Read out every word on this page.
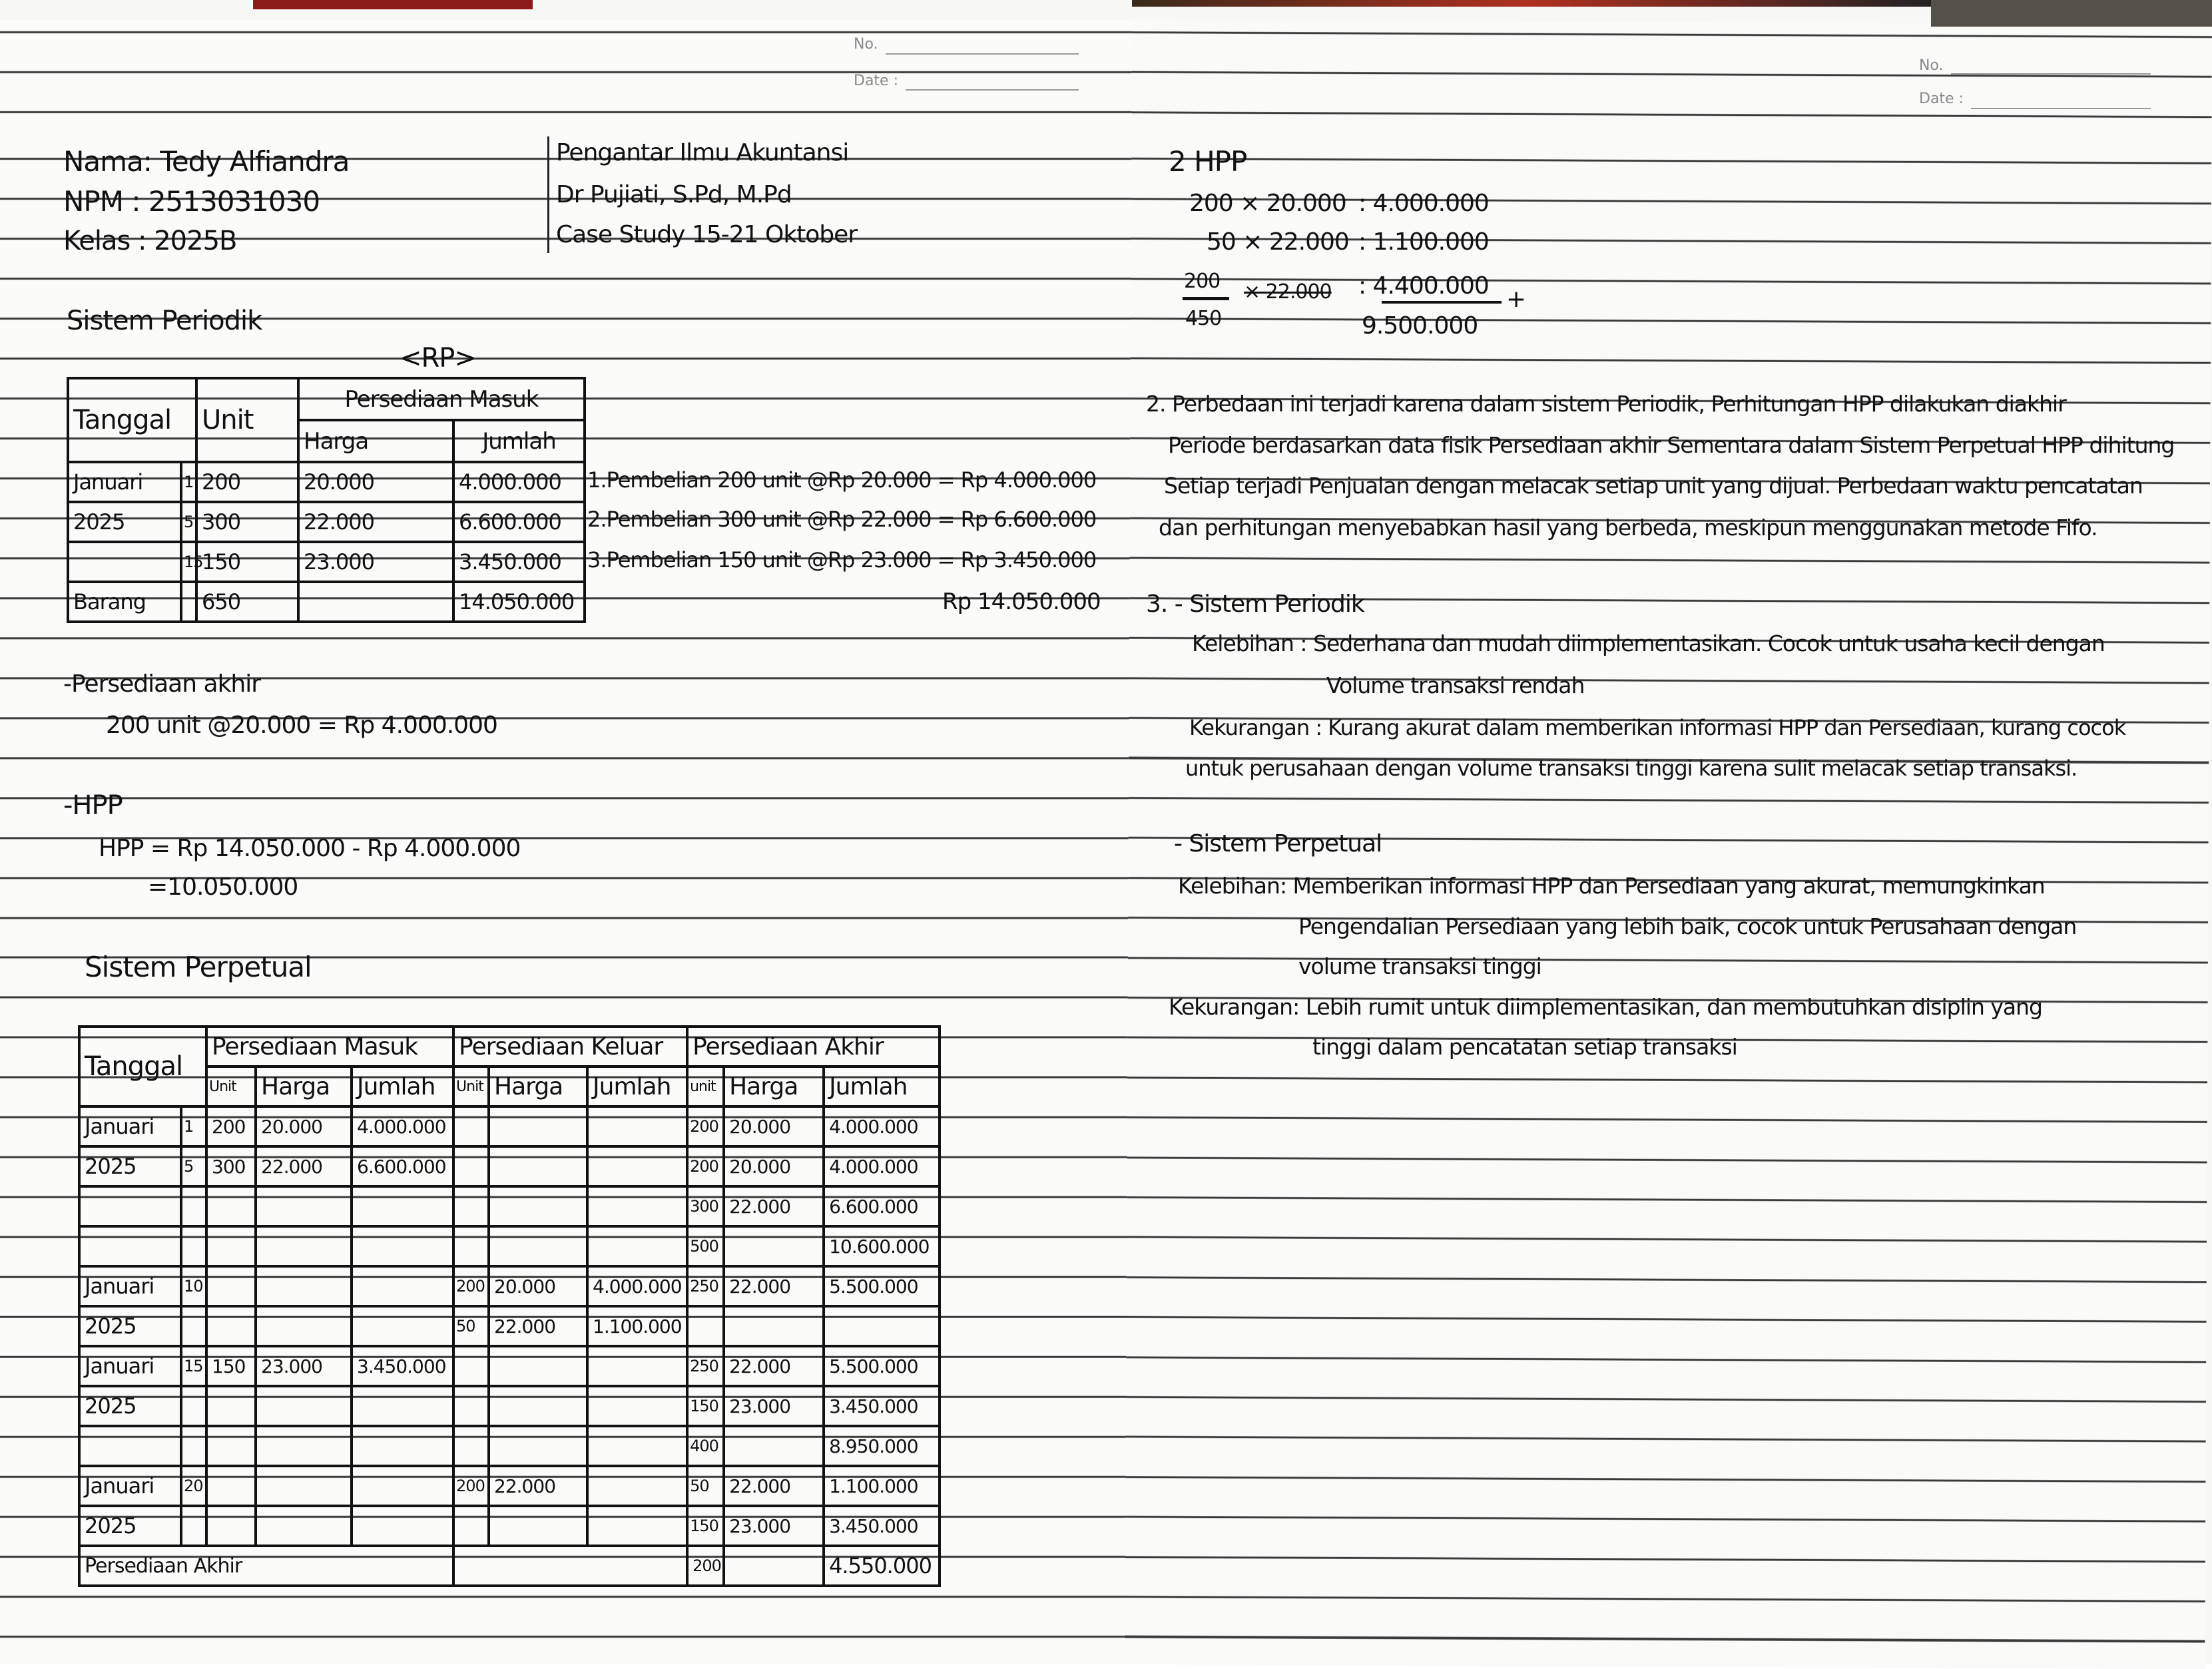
No.
Date :
Nama: Tedy Alfiandra
NPM : 2513031030
Kelas : 2025B
Pengantar Ilmu Akuntansi
Dr Pujiati, S.Pd, M.Pd
Case Study 15-21 Oktober
Sistem Periodik
<RP>
Tanggal		Unit	Persediaan Masuk	
			Harga	Jumlah
Januari	1	200	20.000	4.000.000
2025	5	300	22.000	6.600.000
	15	150	23.000	3.450.000
Barang		650		14.050.000
1.Pembelian 200 unit @Rp 20.000 = Rp 4.000.000
2.Pembelian 300 unit @Rp 22.000 = Rp 6.600.000
3.Pembelian 150 unit @Rp 23.000 = Rp 3.450.000
Rp 14.050.000
-Persediaan akhir
200 unit @20.000 = Rp 4.000.000
-HPP
HPP = Rp 14.050.000 - Rp 4.000.000
=10.050.000
Sistem Perpetual
Tanggal		Persediaan Masuk			Persediaan Keluar			Persediaan Akhir		
		Unit	Harga	Jumlah	Unit	Harga	Jumlah	unit	Harga	Jumlah
Januari	1	200	20.000	4.000.000				200	20.000	4.000.000
2025	5	300	22.000	6.600.000				200	20.000	4.000.000
								300	22.000	6.600.000
								500		10.600.000
Januari	10				200	20.000	4.000.000	250	22.000	5.500.000
2025					50	22.000	1.100.000			
Januari	15	150	23.000	3.450.000				250	22.000	5.500.000
2025								150	23.000	3.450.000
								400		8.950.000
Januari	20				200	22.000		50	22.000	1.100.000
2025								150	23.000	3.450.000
Persediaan Akhir								200		4.550.000
No.
Date :
2 HPP
200 × 20.000 : 4.000.000
50 × 22.000 : 1.100.000
200
450
× 22.000 : 4.400.000 +
9.500.000
2. Perbedaan ini terjadi karena dalam sistem Periodik, Perhitungan HPP dilakukan diakhir
Periode berdasarkan data fisik Persediaan akhir Sementara dalam Sistem Perpetual HPP dihitung
Setiap terjadi Penjualan dengan melacak setiap unit yang dijual. Perbedaan waktu pencatatan
dan perhitungan menyebabkan hasil yang berbeda, meskipun menggunakan metode Fifo.
3. - Sistem Periodik
Kelebihan : Sederhana dan mudah diimplementasikan. Cocok untuk usaha kecil dengan
Volume transaksi rendah
Kekurangan : Kurang akurat dalam memberikan informasi HPP dan Persediaan, kurang cocok
untuk perusahaan dengan volume transaksi tinggi karena sulit melacak setiap transaksi.
- Sistem Perpetual
Kelebihan: Memberikan informasi HPP dan Persediaan yang akurat, memungkinkan
Pengendalian Persediaan yang lebih baik, cocok untuk Perusahaan dengan
volume transaksi tinggi
Kekurangan: Lebih rumit untuk diimplementasikan, dan membutuhkan disiplin yang
tinggi dalam pencatatan setiap transaksi
